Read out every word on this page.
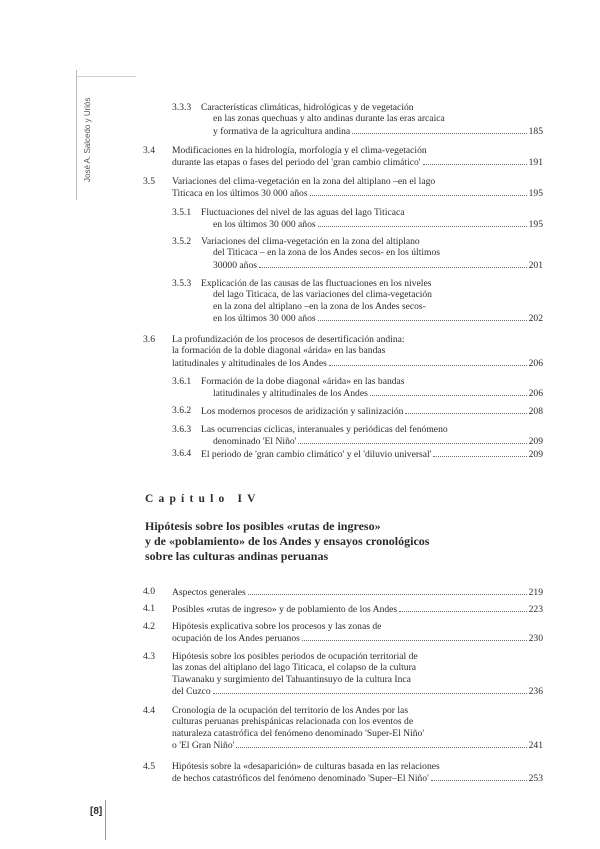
José A. Salcedo y Uriós	3.3.3 Características climáticas, hidrológicas y de vegetación
en las zonas quechuas y alto andinas durante las eras arcaica
y formativa de la agricultura andina	185
3.4 Modificaciones en la hidrología, morfología y el clima-vegetación
durante las etapas o fases del periodo del 'gran cambio climático'	191
3.5 Variaciones del clima-vegetación en la zona del altiplano –en el lago
Titicaca en los últimos 30 000 años	195
3.5.1 Fluctuaciones del nivel de las aguas del lago Titicaca
en los últimos 30 000 años	195
3.5.2 Variaciones del clima-vegetación en la zona del altiplano
del Titicaca – en la zona de los Andes secos- en los últimos
30000 años	201
3.5.3 Explicación de las causas de las fluctuaciones en los niveles
del lago Titicaca, de las variaciones del clima-vegetación
en la zona del altiplano –en la zona de los Andes secos-
en los últimos 30 000 años	202
3.6 La profundización de los procesos de desertificación andina:
la formación de la doble diagonal «árida» en las bandas
latitudinales y altitudinales de los Andes	206
3.6.1 Formación de la dobe diagonal «árida» en las bandas
latitudinales y altitudinales de los Andes	206
3.6.2 Los modernos procesos de aridización y salinización	208
3.6.3 Las ocurrencias cíclicas, interanuales y periódicas del fenómeno
denominado 'El Niño'	209
3.6.4 El periodo de 'gran cambio climático' y el 'diluvio universal'	209
Capítulo IV
Hipótesis sobre los posibles «rutas de ingreso»
y de «poblamiento» de los Andes y ensayos cronológicos
sobre las culturas andinas peruanas
4.0 Aspectos generales	219
4.1 Posibles «rutas de ingreso» y de poblamiento de los Andes	223
4.2 Hipótesis explicativa sobre los procesos y las zonas de
ocupación de los Andes peruanos	230
4.3 Hipótesis sobre los posibles periodos de ocupación territorial de
las zonas del altiplano del lago Titicaca, el colapso de la cultura
Tiawanaku y surgimiento del Tahuantinsuyo de la cultura Inca
del Cuzco	236
4.4 Cronología de la ocupación del territorio de los Andes por las
culturas peruanas prehispánicas relacionada con los eventos de
naturaleza catastrófica del fenómeno denominado 'Super-El Niño'
o 'El Gran Niño'	241
4.5 Hipótesis sobre la «desaparición» de culturas basada en las relaciones
de hechos catastróficos del fenómeno denominado 'Super–El Niño'	253
[8]
